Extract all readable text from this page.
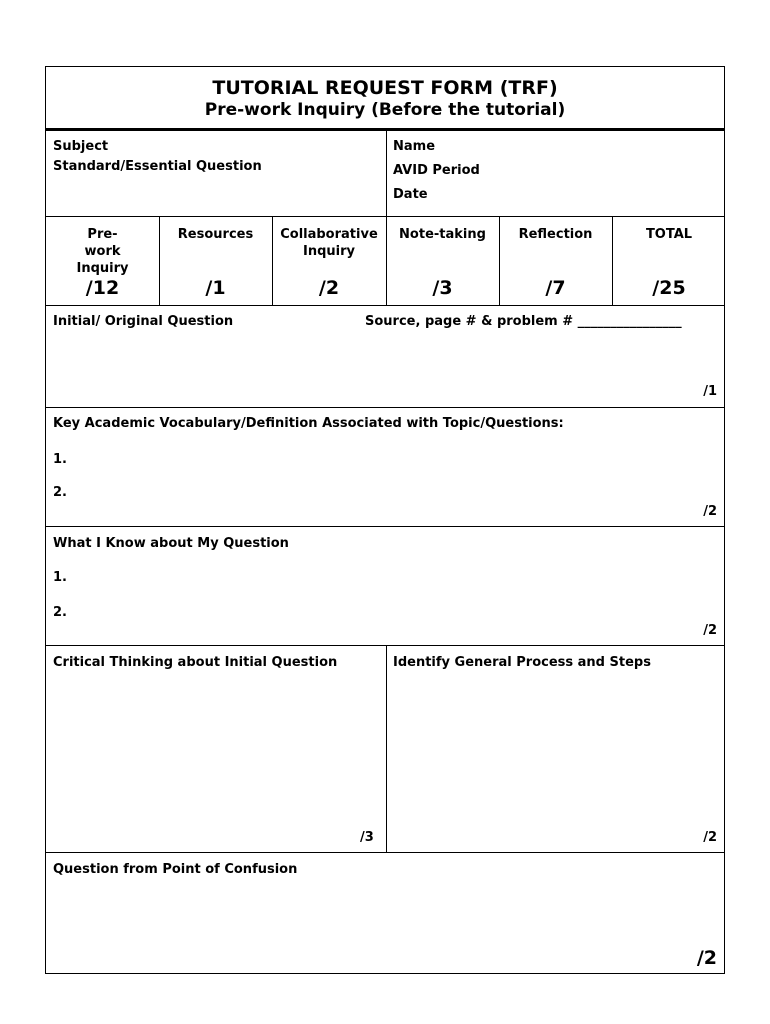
TUTORIAL REQUEST FORM (TRF)
Pre-work Inquiry (Before the tutorial)
Subject
Standard/Essential Question
Name
AVID Period
Date
Pre-work Inquiry
/12
Resources
/1
Collaborative Inquiry
/2
Note-taking
/3
Reflection
/7
TOTAL
/25
Initial/ Original Question	Source, page # & problem # ________________
/1
Key Academic Vocabulary/Definition Associated with Topic/Questions:
1.
2.
/2
What I Know about My Question
1.
2.
/2
Critical Thinking about Initial Question
/3
Identify General Process and Steps
/2
Question from Point of Confusion
/2
